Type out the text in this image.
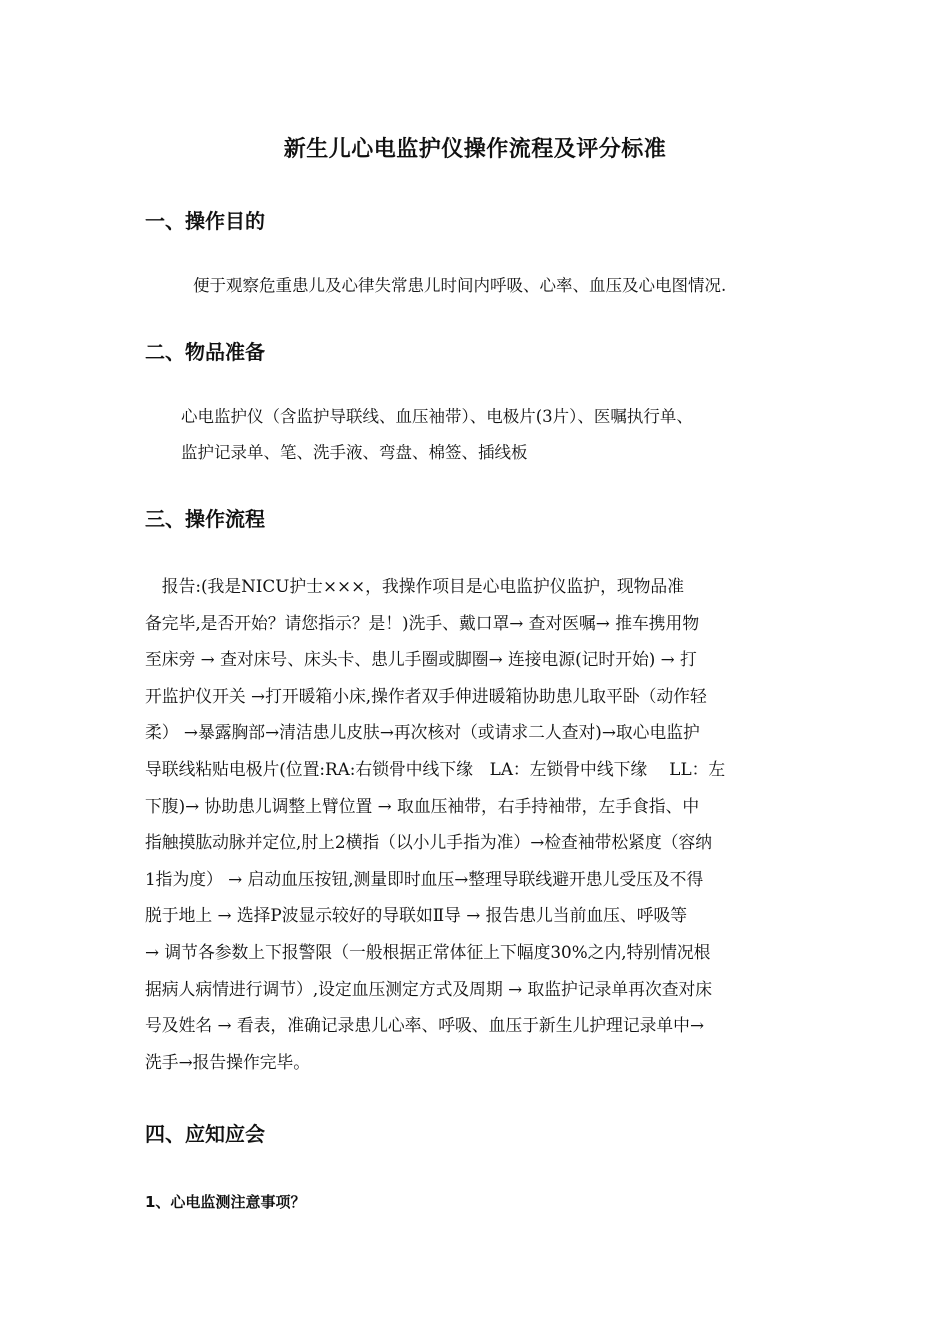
新生儿心电监护仪操作流程及评分标准
一、操作目的
便于观察危重患儿及心律失常患儿时间内呼吸、心率、血压及心电图情况.
二、物品准备
心电监护仪（含监护导联线、血压袖带）、电极片(3片）、医嘱执行单、
监护记录单、笔、洗手液、弯盘、棉签、插线板
三、操作流程
　报告:(我是NICU护士×××，我操作项目是心电监护仪监护，现物品准
备完毕,是否开始？请您指示？是！)洗手、戴口罩→ 查对医嘱→ 推车携用物
至床旁 → 查对床号、床头卡、患儿手圈或脚圈→ 连接电源(记时开始) → 打
开监护仪开关 →打开暖箱小床,操作者双手伸进暖箱协助患儿取平卧（动作轻
柔） →暴露胸部→清洁患儿皮肤→再次核对（或请求二人查对)→取心电监护
导联线粘贴电极片(位置:RA:右锁骨中线下缘　LA：左锁骨中线下缘　 LL：左
下腹)→ 协助患儿调整上臂位置 → 取血压袖带，右手持袖带，左手食指、中
指触摸肱动脉并定位,肘上2横指（以小儿手指为准）→检查袖带松紧度（容纳
1指为度） → 启动血压按钮,测量即时血压→整理导联线避开患儿受压及不得
脱于地上 → 选择P波显示较好的导联如Ⅱ导 → 报告患儿当前血压、呼吸等
→ 调节各参数上下报警限（一般根据正常体征上下幅度30%之内,特别情况根
据病人病情进行调节）,设定血压测定方式及周期 → 取监护记录单再次查对床
号及姓名 → 看表，准确记录患儿心率、呼吸、血压于新生儿护理记录单中→
洗手→报告操作完毕。
四、应知应会
1、心电监测注意事项？
